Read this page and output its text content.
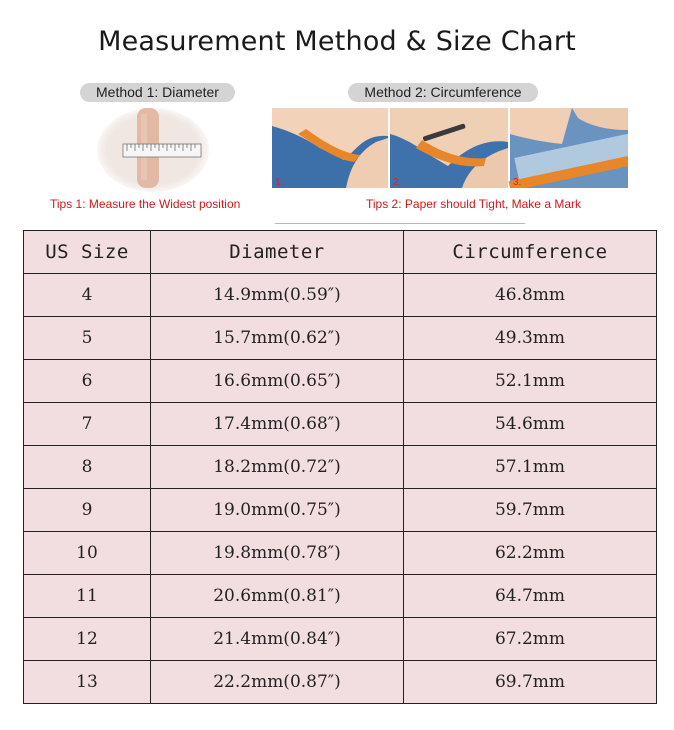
Measurement Method & Size Chart
Method 1: Diameter	Method 2: Circumference
1.	2.	3.
Tips 1: Measure the Widest position	Tips 2: Paper should Tight, Make a Mark
US Size	Diameter	Circumference
4	14.9mm(0.59″)	46.8mm
5	15.7mm(0.62″)	49.3mm
6	16.6mm(0.65″)	52.1mm
7	17.4mm(0.68″)	54.6mm
8	18.2mm(0.72″)	57.1mm
9	19.0mm(0.75″)	59.7mm
10	19.8mm(0.78″)	62.2mm
11	20.6mm(0.81″)	64.7mm
12	21.4mm(0.84″)	67.2mm
13	22.2mm(0.87″)	69.7mm
